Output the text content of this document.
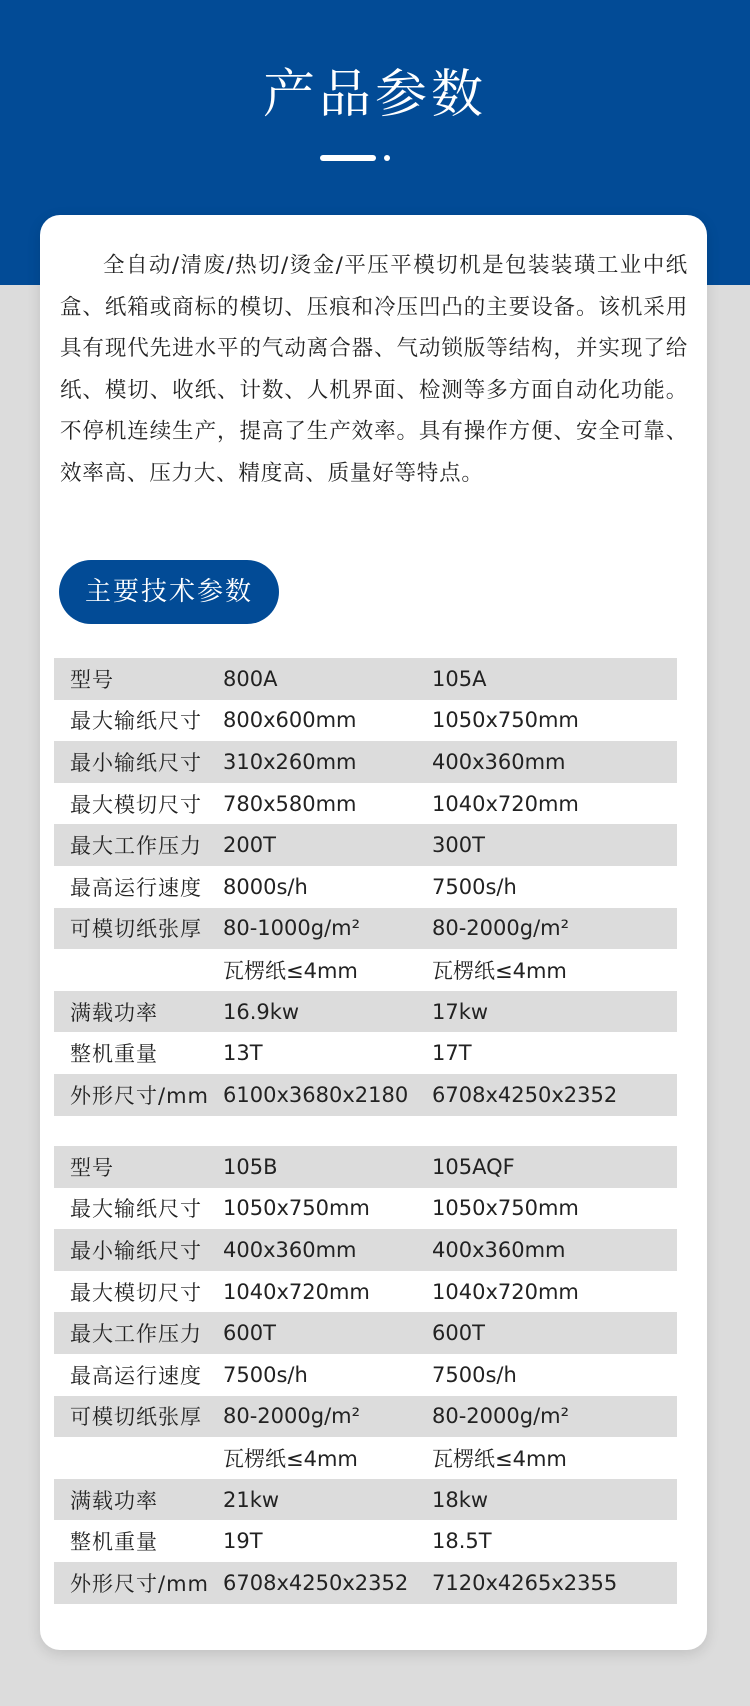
产品参数

全自动/清废/热切/烫金/平压平模切机是包装装璜工业中纸盒、纸箱或商标的模切、压痕和冷压凹凸的主要设备。该机采用具有现代先进水平的气动离合器、气动锁版等结构，并实现了给纸、模切、收纸、计数、人机界面、检测等多方面自动化功能。不停机连续生产，提高了生产效率。具有操作方便、安全可靠、效率高、压力大、精度高、质量好等特点。

主要技术参数
型号	800A	105A
最大输纸尺寸	800x600mm	1050x750mm
最小输纸尺寸	310x260mm	400x360mm
最大模切尺寸	780x580mm	1040x720mm
最大工作压力	200T	300T
最高运行速度	8000s/h	7500s/h
可模切纸张厚	80-1000g/m²	80-2000g/m²
	瓦楞纸≤4mm	瓦楞纸≤4mm
满载功率	16.9kw	17kw
整机重量	13T	17T
外形尺寸/mm	6100x3680x2180	6708x4250x2352
型号	105B	105AQF
最大输纸尺寸	1050x750mm	1050x750mm
最小输纸尺寸	400x360mm	400x360mm
最大模切尺寸	1040x720mm	1040x720mm
最大工作压力	600T	600T
最高运行速度	7500s/h	7500s/h
可模切纸张厚	80-2000g/m²	80-2000g/m²
	瓦楞纸≤4mm	瓦楞纸≤4mm
满载功率	21kw	18kw
整机重量	19T	18.5T
外形尺寸/mm	6708x4250x2352	7120x4265x2355
